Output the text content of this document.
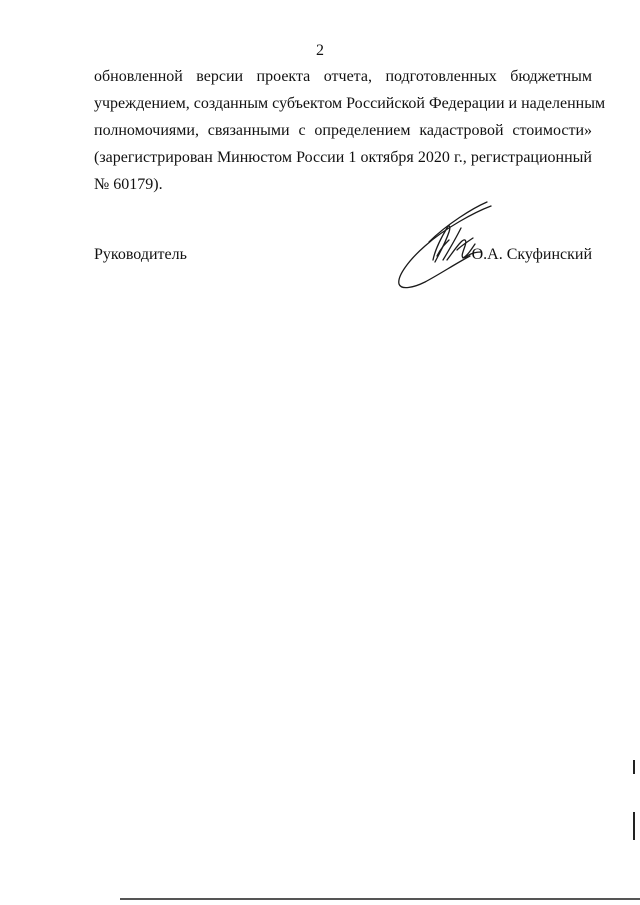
2
обновленной версии проекта отчета, подготовленных бюджетным
учреждением, созданным субъектом Российской Федерации и наделенным
полномочиями, связанными с определением кадастровой стоимости»
(зарегистрирован Минюстом России 1 октября 2020 г., регистрационный
№ 60179).
Руководитель	О.А. Скуфинский
